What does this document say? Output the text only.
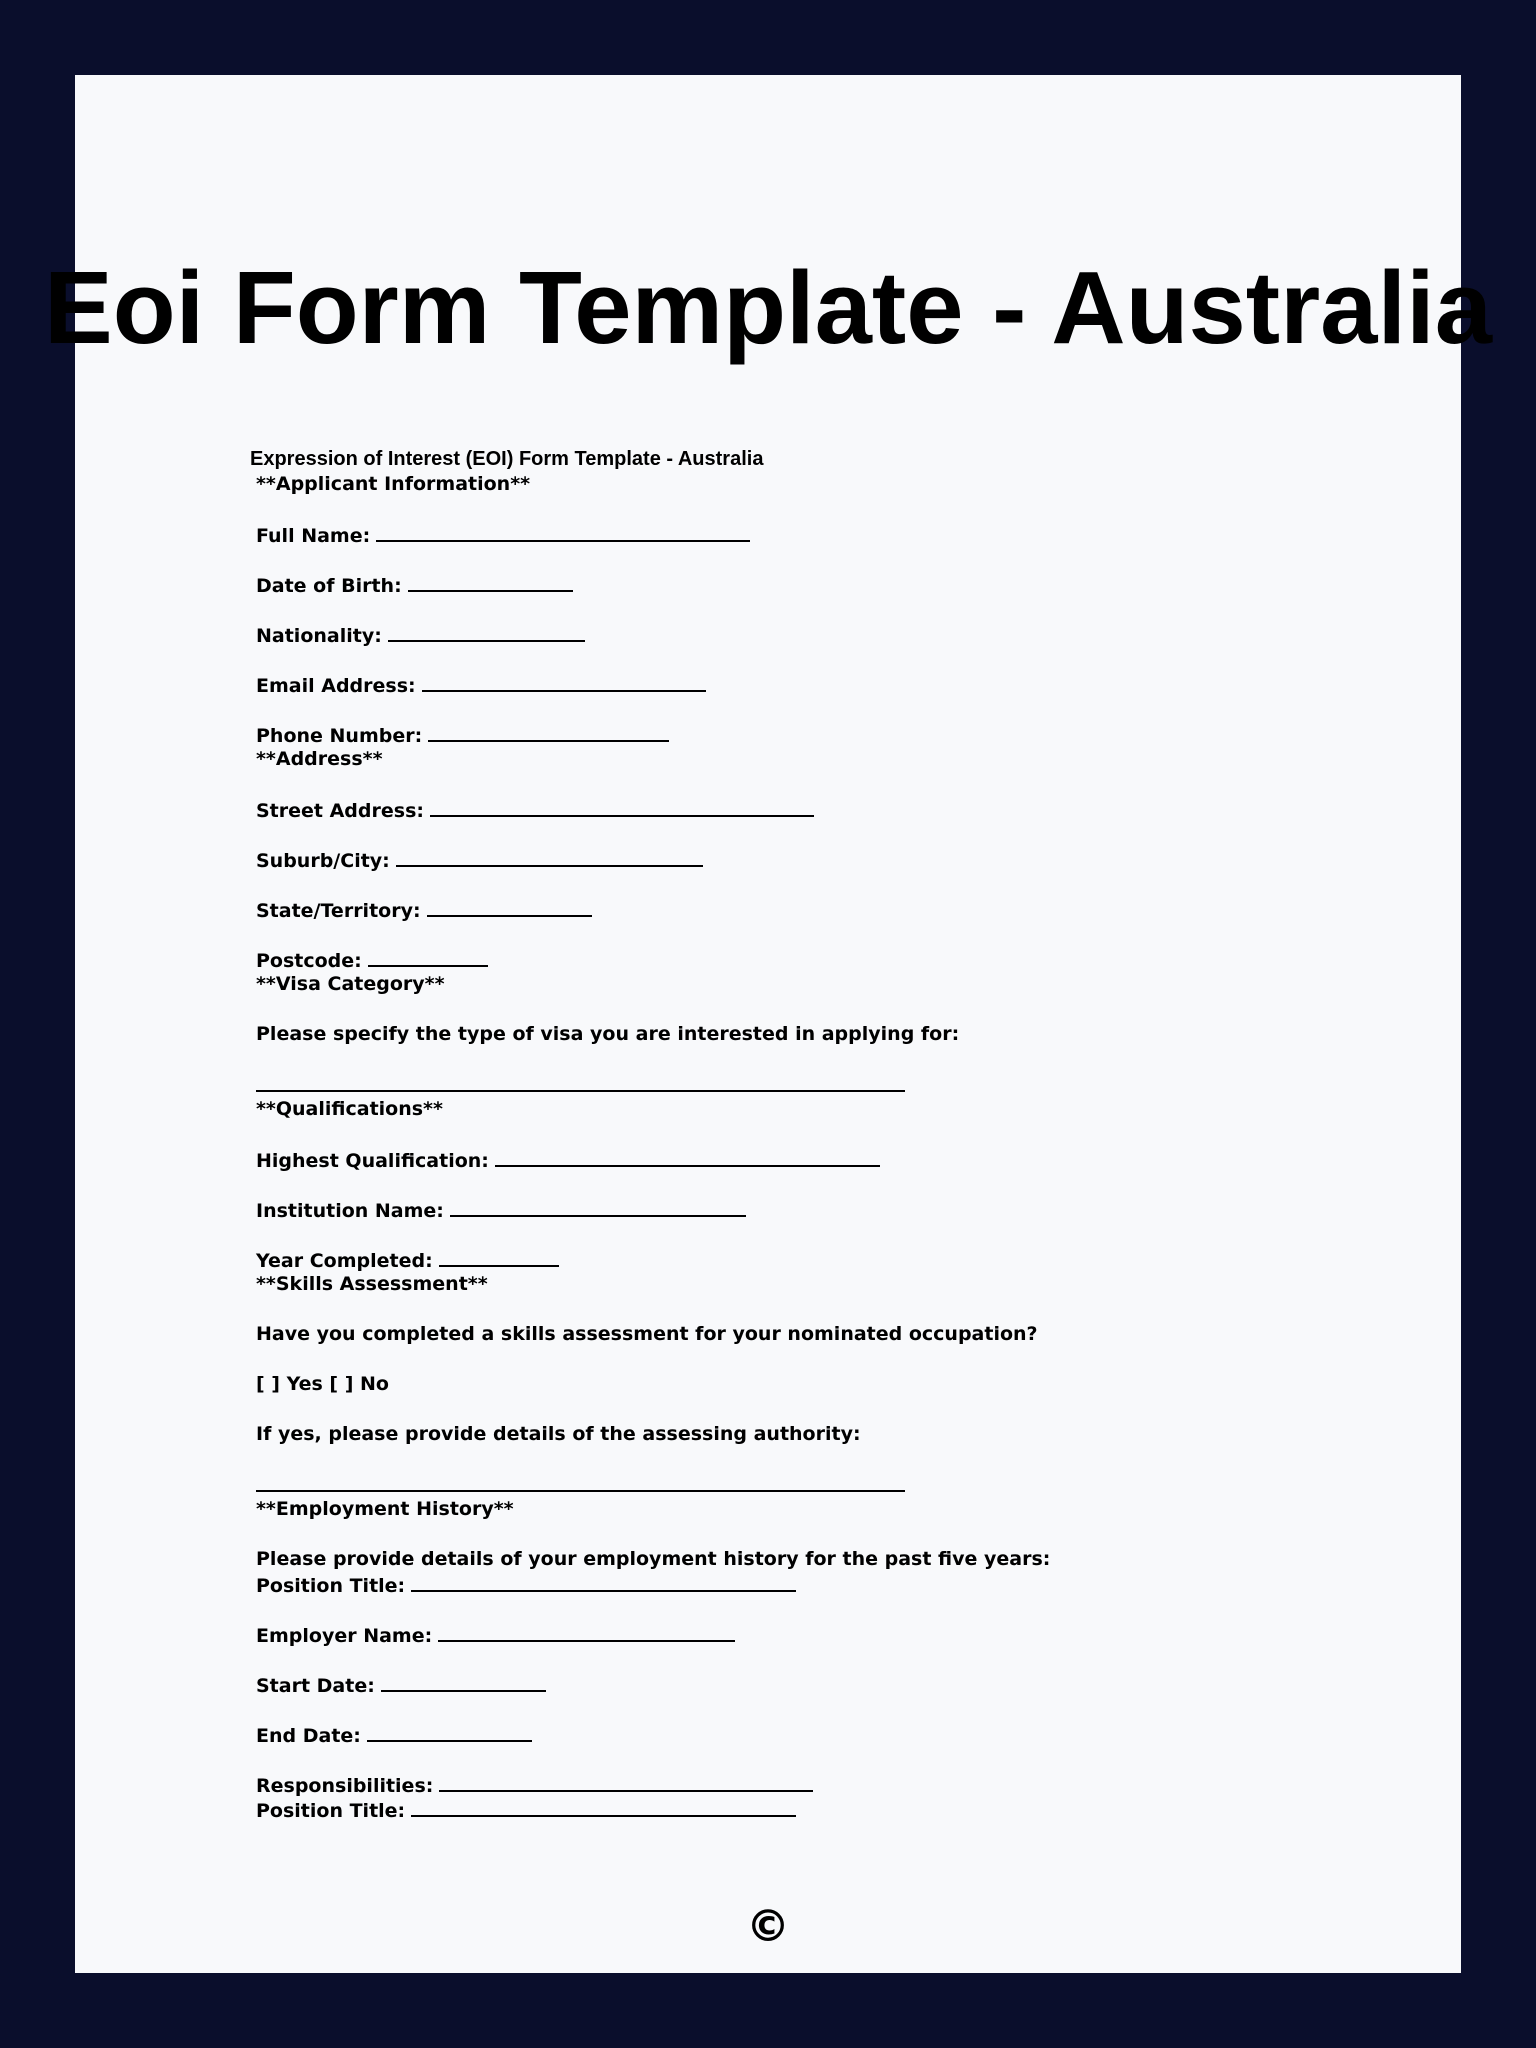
Eoi Form Template - Australia
Expression of Interest (EOI) Form Template - Australia
**Applicant Information**
Full Name:
Date of Birth:
Nationality:
Email Address:
Phone Number:
**Address**
Street Address:
Suburb/City:
State/Territory:
Postcode:
**Visa Category**
Please specify the type of visa you are interested in applying for:
**Qualifications**
Highest Qualification:
Institution Name:
Year Completed:
**Skills Assessment**
Have you completed a skills assessment for your nominated occupation?
[ ] Yes [ ] No
If yes, please provide details of the assessing authority:
**Employment History**
Please provide details of your employment history for the past five years:
Position Title:
Employer Name:
Start Date:
End Date:
Responsibilities:
Position Title:
©
